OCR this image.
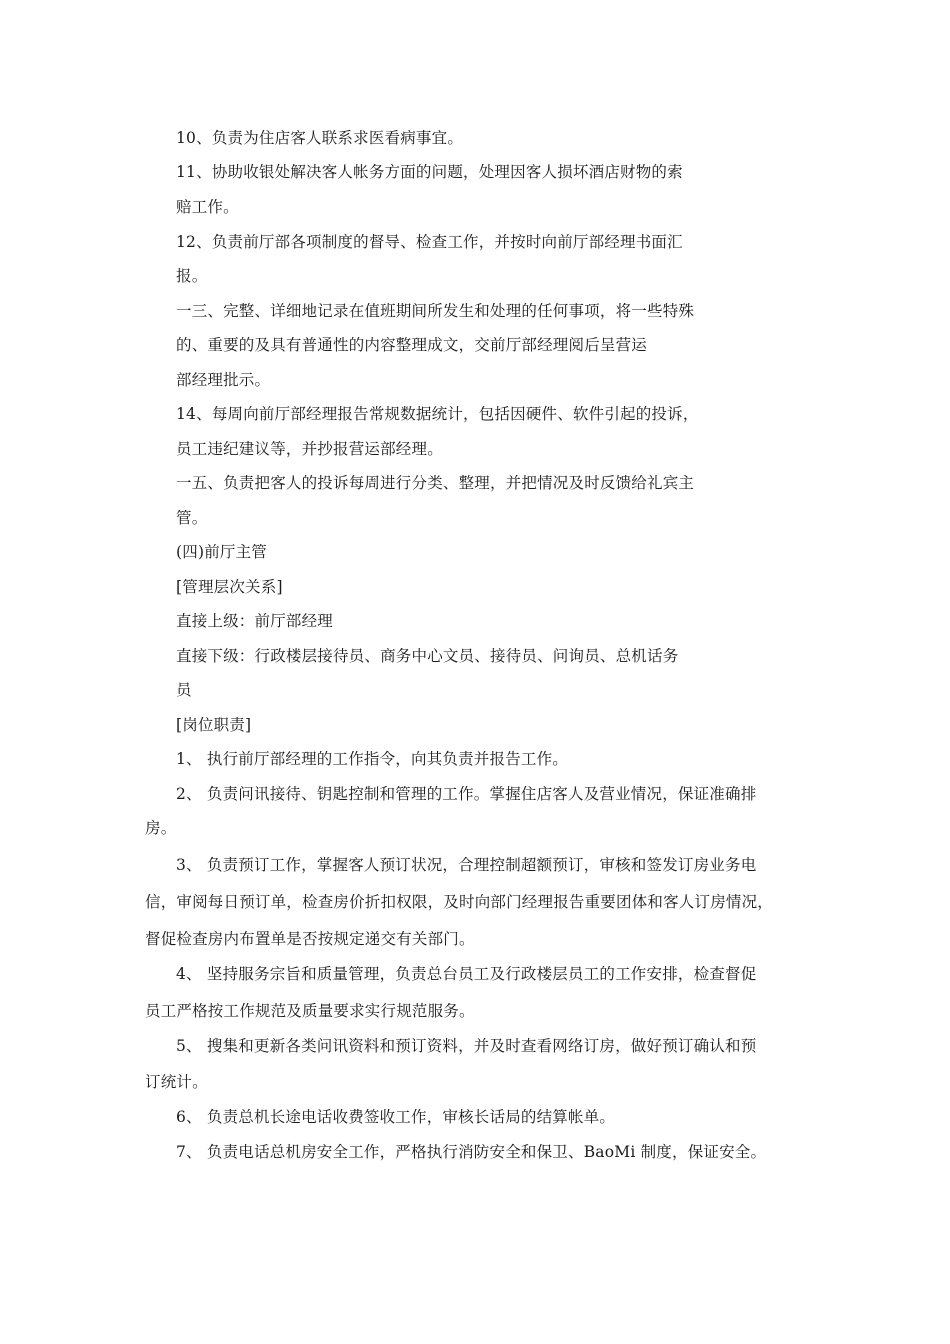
10、负责为住店客人联系求医看病事宜。
11、协助收银处解决客人帐务方面的问题，处理因客人损坏酒店财物的索
赔工作。
12、负责前厅部各项制度的督导、检查工作，并按时向前厅部经理书面汇
报。
一三、完整、详细地记录在值班期间所发生和处理的任何事项，将一些特殊
的、重要的及具有普通性的内容整理成文，交前厅部经理阅后呈营运
部经理批示。
14、每周向前厅部经理报告常规数据统计，包括因硬件、软件引起的投诉，
员工违纪建议等，并抄报营运部经理。
一五、负责把客人的投诉每周进行分类、整理，并把情况及时反馈给礼宾主
管。
(四)前厅主管
[管理层次关系]
直接上级：前厅部经理
直接下级：行政楼层接待员、商务中心文员、接待员、问询员、总机话务
员
[岗位职责]
1、 执行前厅部经理的工作指令，向其负责并报告工作。
2、 负责问讯接待、钥匙控制和管理的工作。掌握住店客人及营业情况，保证准确排
房。
3、 负责预订工作，掌握客人预订状况，合理控制超额预订，审核和签发订房业务电
信，审阅每日预订单，检查房价折扣权限，及时向部门经理报告重要团体和客人订房情况，
督促检查房内布置单是否按规定递交有关部门。
4、 坚持服务宗旨和质量管理，负责总台员工及行政楼层员工的工作安排，检查督促
员工严格按工作规范及质量要求实行规范服务。
5、 搜集和更新各类问讯资料和预订资料，并及时查看网络订房，做好预订确认和预
订统计。
6、 负责总机长途电话收费签收工作，审核长话局的结算帐单。
7、 负责电话总机房安全工作，严格执行消防安全和保卫、BaoMi 制度，保证安全。
